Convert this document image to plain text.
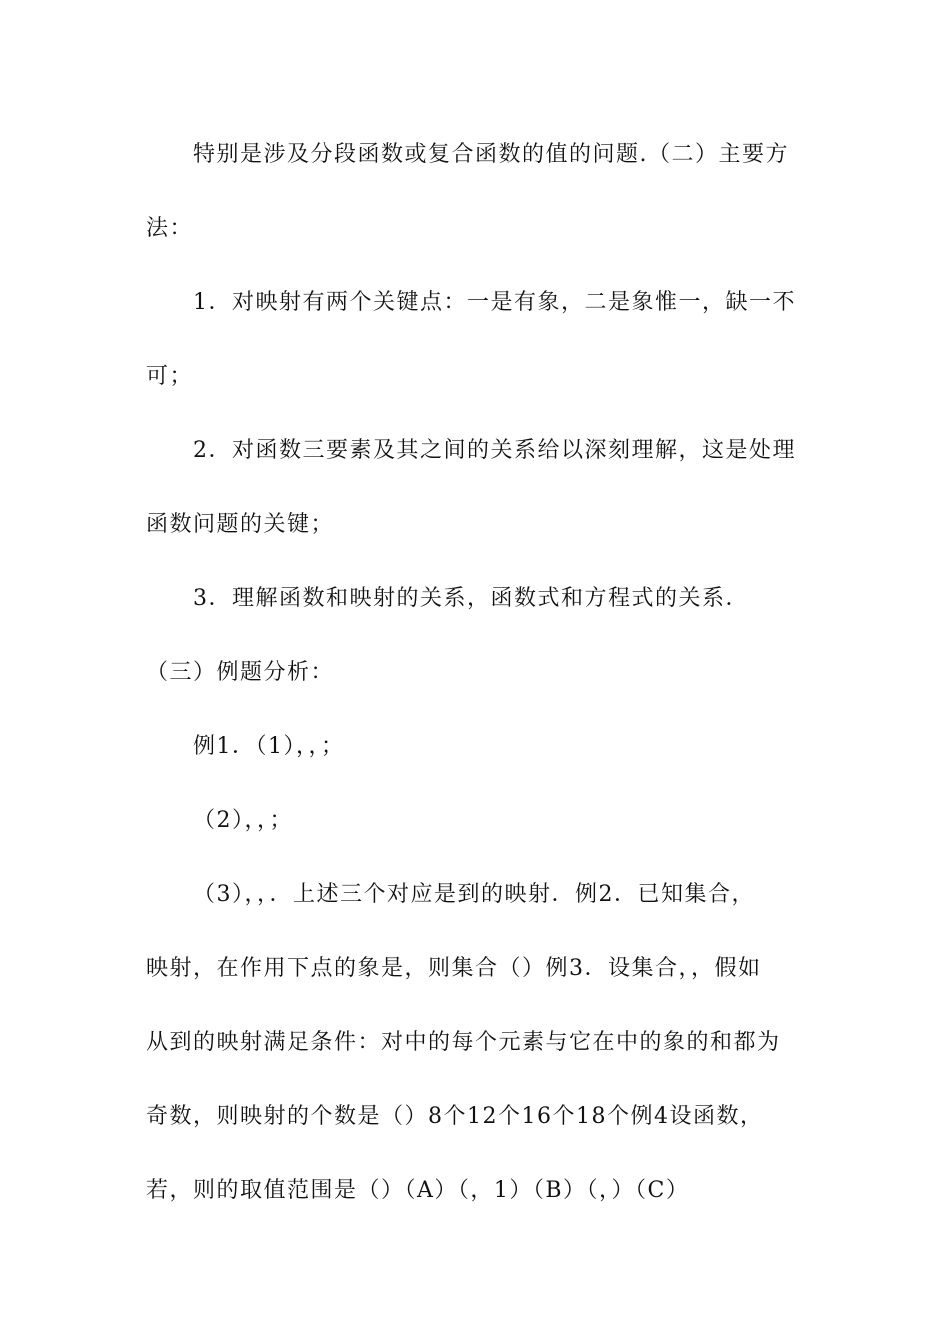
特别是涉及分段函数或复合函数的值的问题.（二）主要方
法：
1．对映射有两个关键点：一是有象，二是象惟一，缺一不
可；
2．对函数三要素及其之间的关系给以深刻理解，这是处理
函数问题的关键；
3．理解函数和映射的关系，函数式和方程式的关系．
（三）例题分析：
例1．（1），，；
（2），，；
（3），，．上述三个对应是到的映射．例2．已知集合，
映射，在作用下点的象是，则集合（）例3．设集合，，假如
从到的映射满足条件：对中的每个元素与它在中的象的和都为
奇数，则映射的个数是（）8个12个16个18个例4设函数，
若，则的取值范围是（）（A）（，1）（B）（，）（C）
